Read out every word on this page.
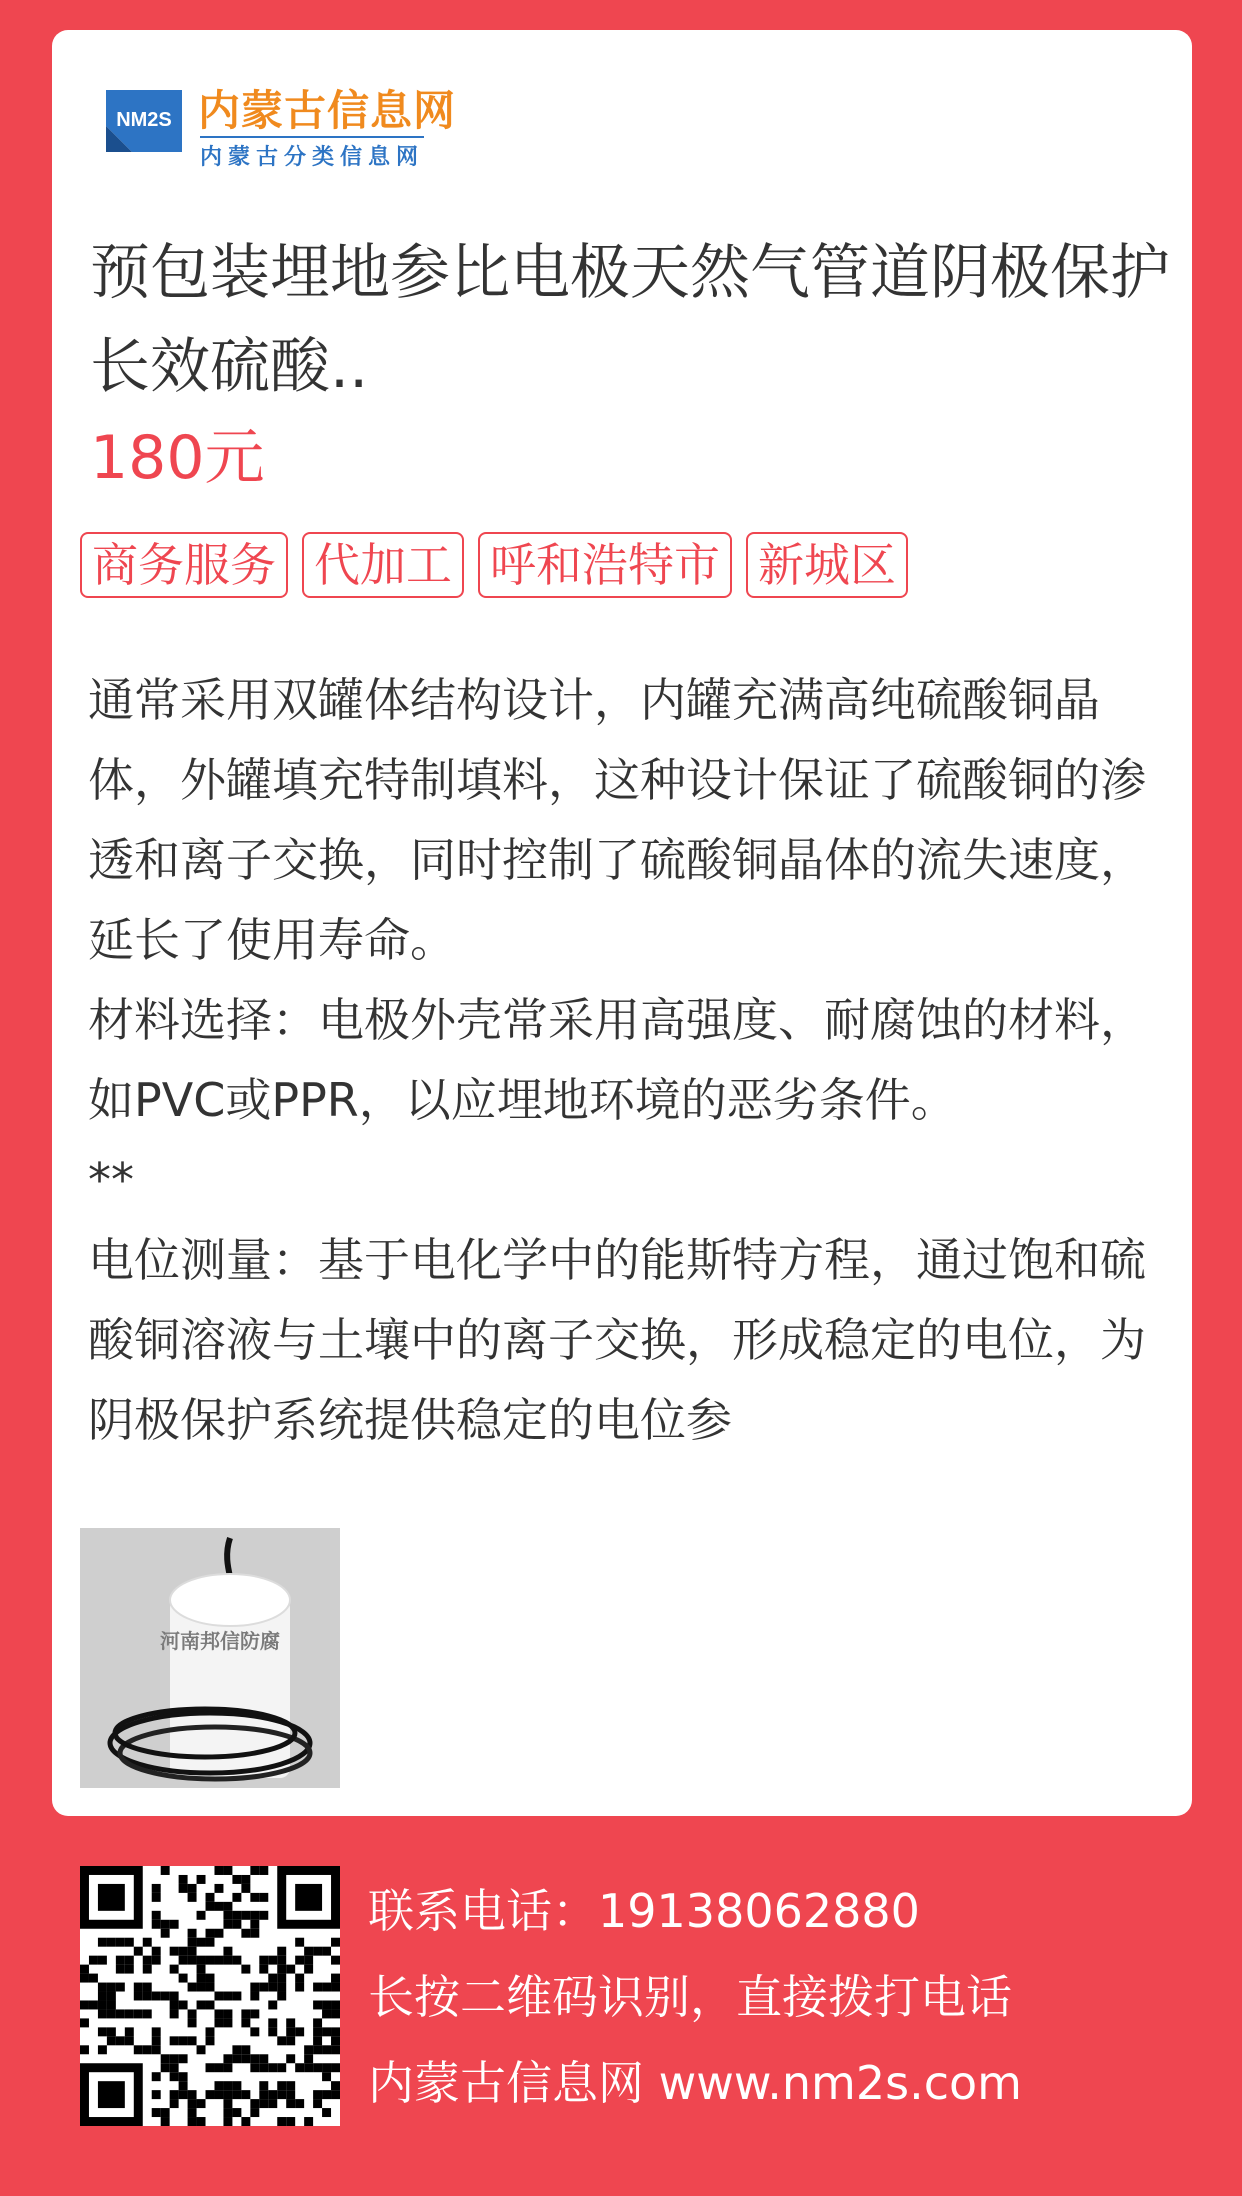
NM2S 内蒙古信息网
内蒙古分类信息网
预包装埋地参比电极天然气管道阴极保护长效硫酸..
180元
商务服务 代加工 呼和浩特市 新城区

通常采用双罐体结构设计，内罐充满高纯硫酸铜晶体，外罐填充特制填料，这种设计保证了硫酸铜的渗透和离子交换，同时控制了硫酸铜晶体的流失速度，延长了使用寿命。

材料选择：电极外壳常采用高强度、耐腐蚀的材料，如PVC或PPR，以应埋地环境的恶劣条件。

**

电位测量：基于电化学中的能斯特方程，通过饱和硫酸铜溶液与土壤中的离子交换，形成稳定的电位，为阴极保护系统提供稳定的电位参

河南邦信防腐
联系电话：19138062880
长按二维码识别，直接拨打电话
内蒙古信息网 www.nm2s.com
